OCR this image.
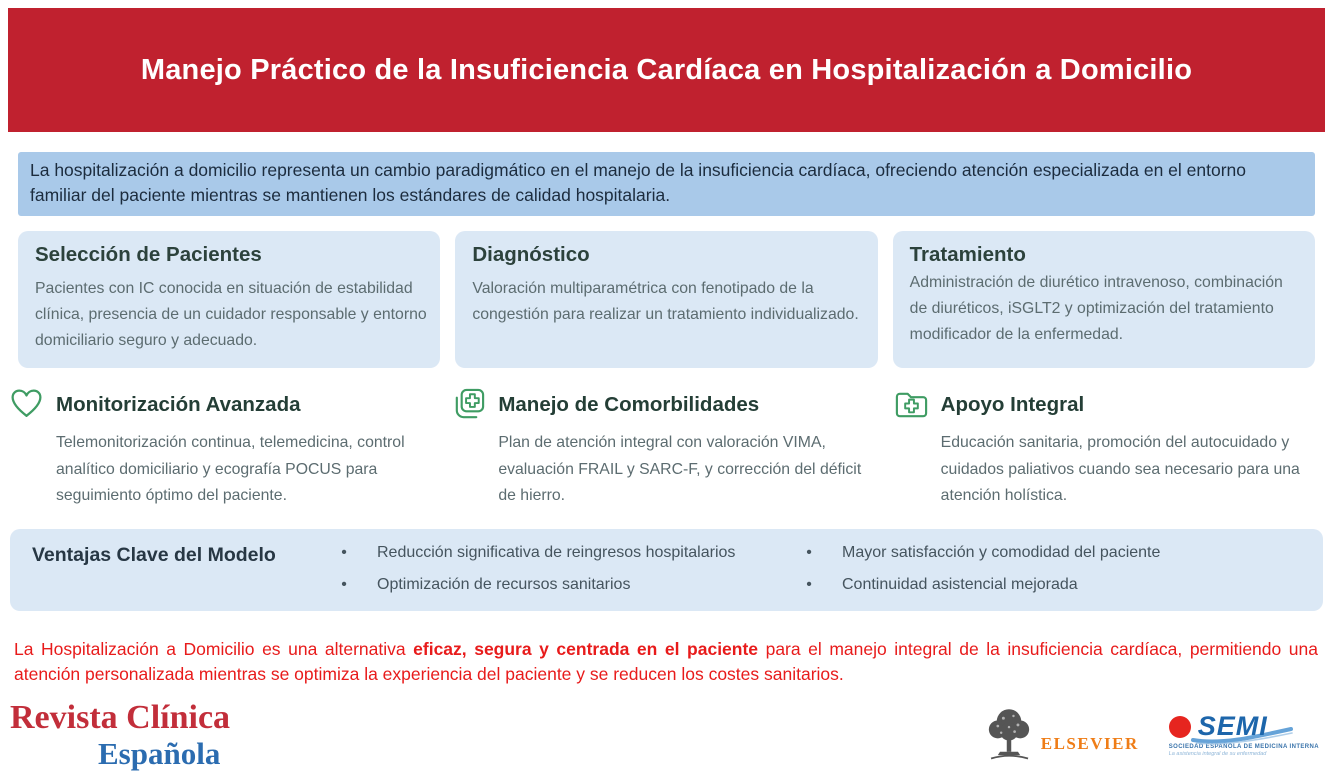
Manejo Práctico de la Insuficiencia Cardíaca en Hospitalización a Domicilio

La hospitalización a domicilio representa un cambio paradigmático en el manejo de la insuficiencia cardíaca, ofreciendo atención especializada en el entorno familiar del paciente mientras se mantienen los estándares de calidad hospitalaria.

Selección de Pacientes

Pacientes con IC conocida en situación de estabilidad clínica, presencia de un cuidador responsable y entorno domiciliario seguro y adecuado.

Diagnóstico

Valoración multiparamétrica con fenotipado de la congestión para realizar un tratamiento individualizado.

Tratamiento

Administración de diurético intravenoso, combinación de diuréticos, iSGLT2 y optimización del tratamiento modificador de la enfermedad.

Monitorización Avanzada

Telemonitorización continua, telemedicina, control analítico domiciliario y ecografía POCUS para seguimiento óptimo del paciente.

Manejo de Comorbilidades

Plan de atención integral con valoración VIMA, evaluación FRAIL y SARC-F, y corrección del déficit de hierro.

Apoyo Integral

Educación sanitaria, promoción del autocuidado y cuidados paliativos cuando sea necesario para una atención holística.

Ventajas Clave del Modelo	• Reducción significativa de reingresos hospitalarios
• Optimización de recursos sanitarios
• Mayor satisfacción y comodidad del paciente
• Continuidad asistencial mejorada

La Hospitalización a Domicilio es una alternativa eficaz, segura y centrada en el paciente para el manejo integral de la insuficiencia cardíaca, permitiendo una atención personalizada mientras se optimiza la experiencia del paciente y se reducen los costes sanitarios.

Revista Clínica
Española	ELSEVIER
SEMI
SOCIEDAD ESPAÑOLA DE MEDICINA INTERNA
La asistencia integral de su enfermedad
